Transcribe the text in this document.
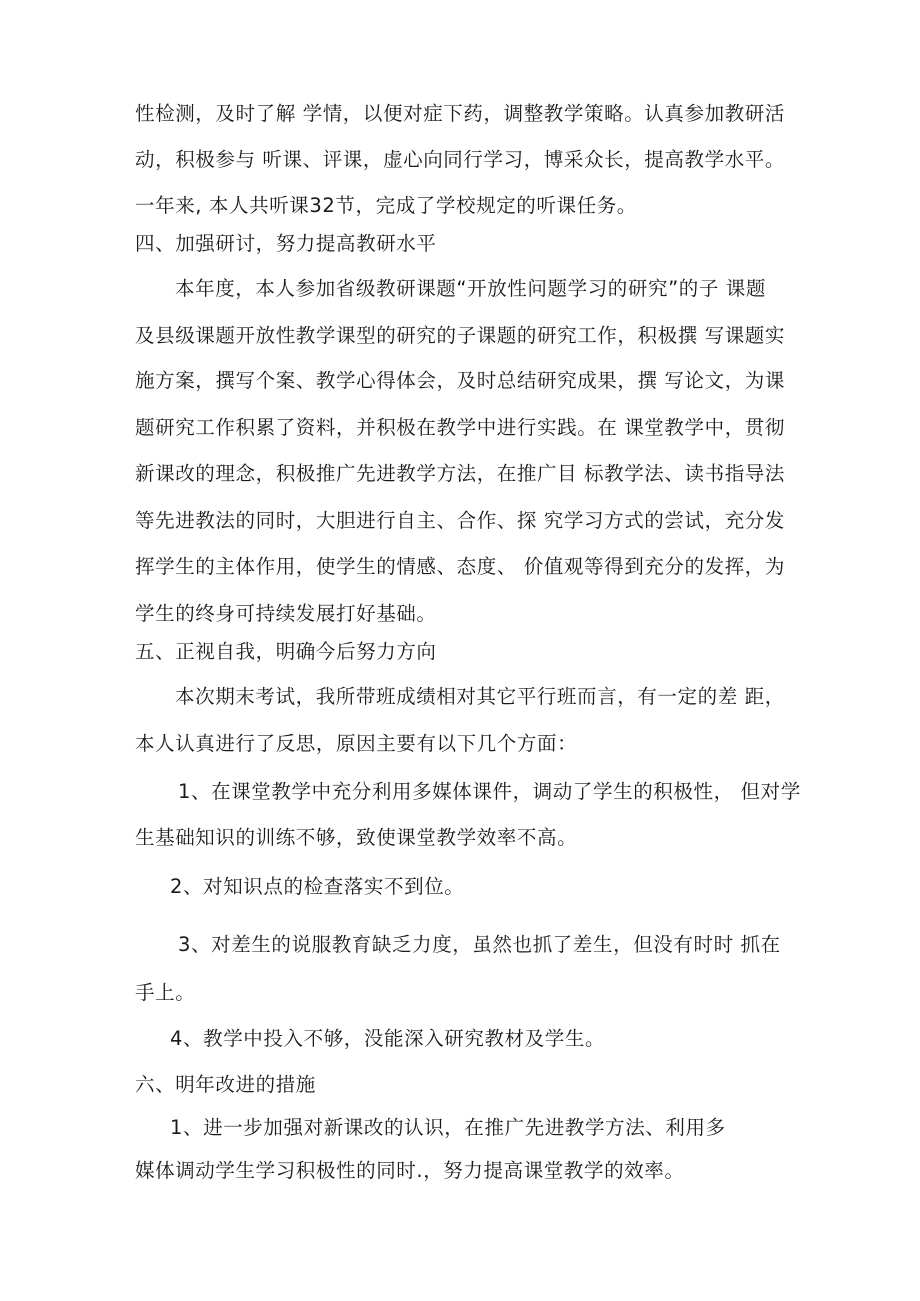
性检测，及时了解 学情，以便对症下药，调整教学策略。认真参加教研活
动，积极参与 听课、评课，虚心向同行学习，博采众长，提高教学水平。
一年来, 本人共听课32节，完成了学校规定的听课任务。
四、加强研讨，努力提高教研水平
本年度，本人参加省级教研课题“开放性问题学习的研究”的子 课题
及县级课题开放性教学课型的研究的子课题的研究工作，积极撰 写课题实
施方案，撰写个案、教学心得体会，及时总结研究成果，撰 写论文，为课
题研究工作积累了资料，并积极在教学中进行实践。在 课堂教学中，贯彻
新课改的理念，积极推广先进教学方法，在推广目 标教学法、读书指导法
等先进教法的同时，大胆进行自主、合作、探 究学习方式的尝试，充分发
挥学生的主体作用，使学生的情感、态度、 价值观等得到充分的发挥，为
学生的终身可持续发展打好基础。
五、正视自我，明确今后努力方向
本次期末考试，我所带班成绩相对其它平行班而言，有一定的差 距，
本人认真进行了反思，原因主要有以下几个方面：
1、在课堂教学中充分利用多媒体课件，调动了学生的积极性， 但对学
生基础知识的训练不够，致使课堂教学效率不高。
2、对知识点的检查落实不到位。
3、对差生的说服教育缺乏力度，虽然也抓了差生，但没有时时 抓在
手上。
4、教学中投入不够，没能深入研究教材及学生。
六、明年改进的措施
1、进一步加强对新课改的认识，在推广先进教学方法、利用多
媒体调动学生学习积极性的同时.，努力提高课堂教学的效率。
